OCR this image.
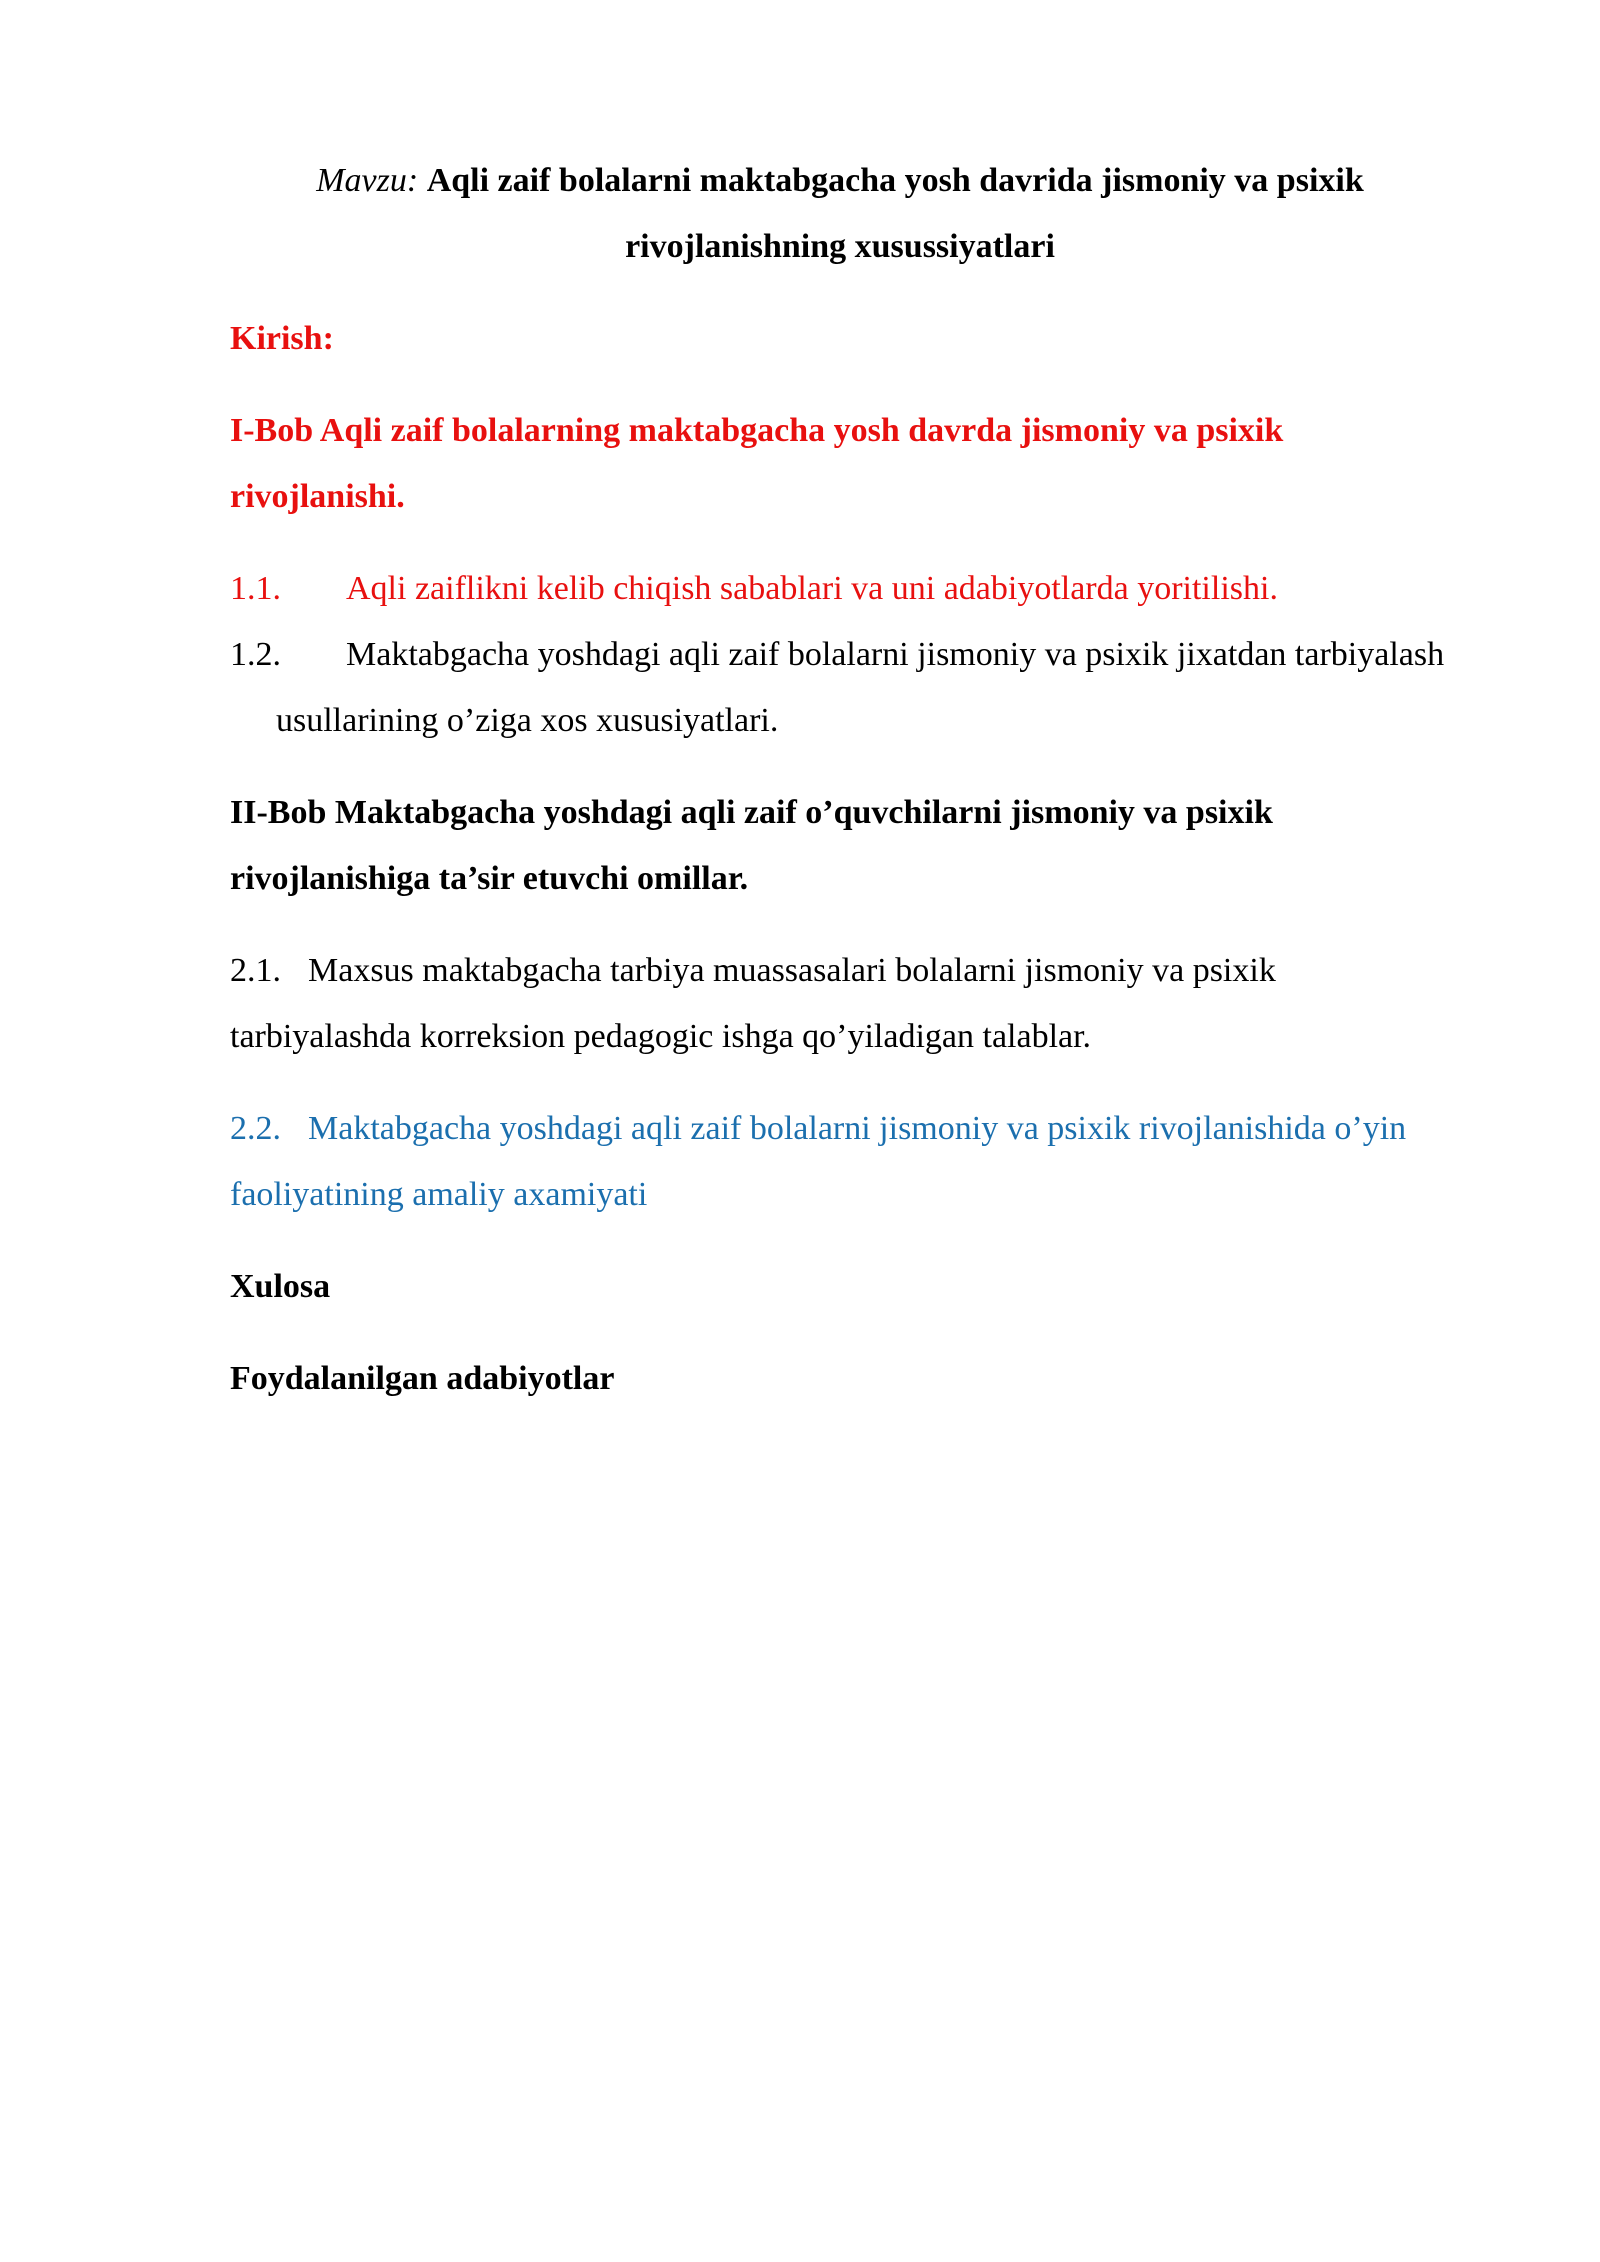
Mavzu: Aqli zaif bolalarni maktabgacha yosh davrida jismoniy va psixik rivojlanishning xusussiyatlari

Kirish:

I-Bob Aqli zaif bolalarning maktabgacha yosh davrda jismoniy va psixik rivojlanishi.

1.1. Aqli zaiflikni kelib chiqish sabablari va uni adabiyotlarda yoritilishi.

1.2. Maktabgacha yoshdagi aqli zaif bolalarni jismoniy va psixik jixatdan tarbiyalash usullarining o’ziga xos xususiyatlari.

II-Bob Maktabgacha yoshdagi aqli zaif o’quvchilarni jismoniy va psixik rivojlanishiga ta’sir etuvchi omillar.

2.1. Maxsus maktabgacha tarbiya muassasalari bolalarni jismoniy va psixik tarbiyalashda korreksion pedagogic ishga qo’yiladigan talablar.

2.2. Maktabgacha yoshdagi aqli zaif bolalarni jismoniy va psixik rivojlanishida o’yin faoliyatining amaliy axamiyati

Xulosa

Foydalanilgan adabiyotlar
